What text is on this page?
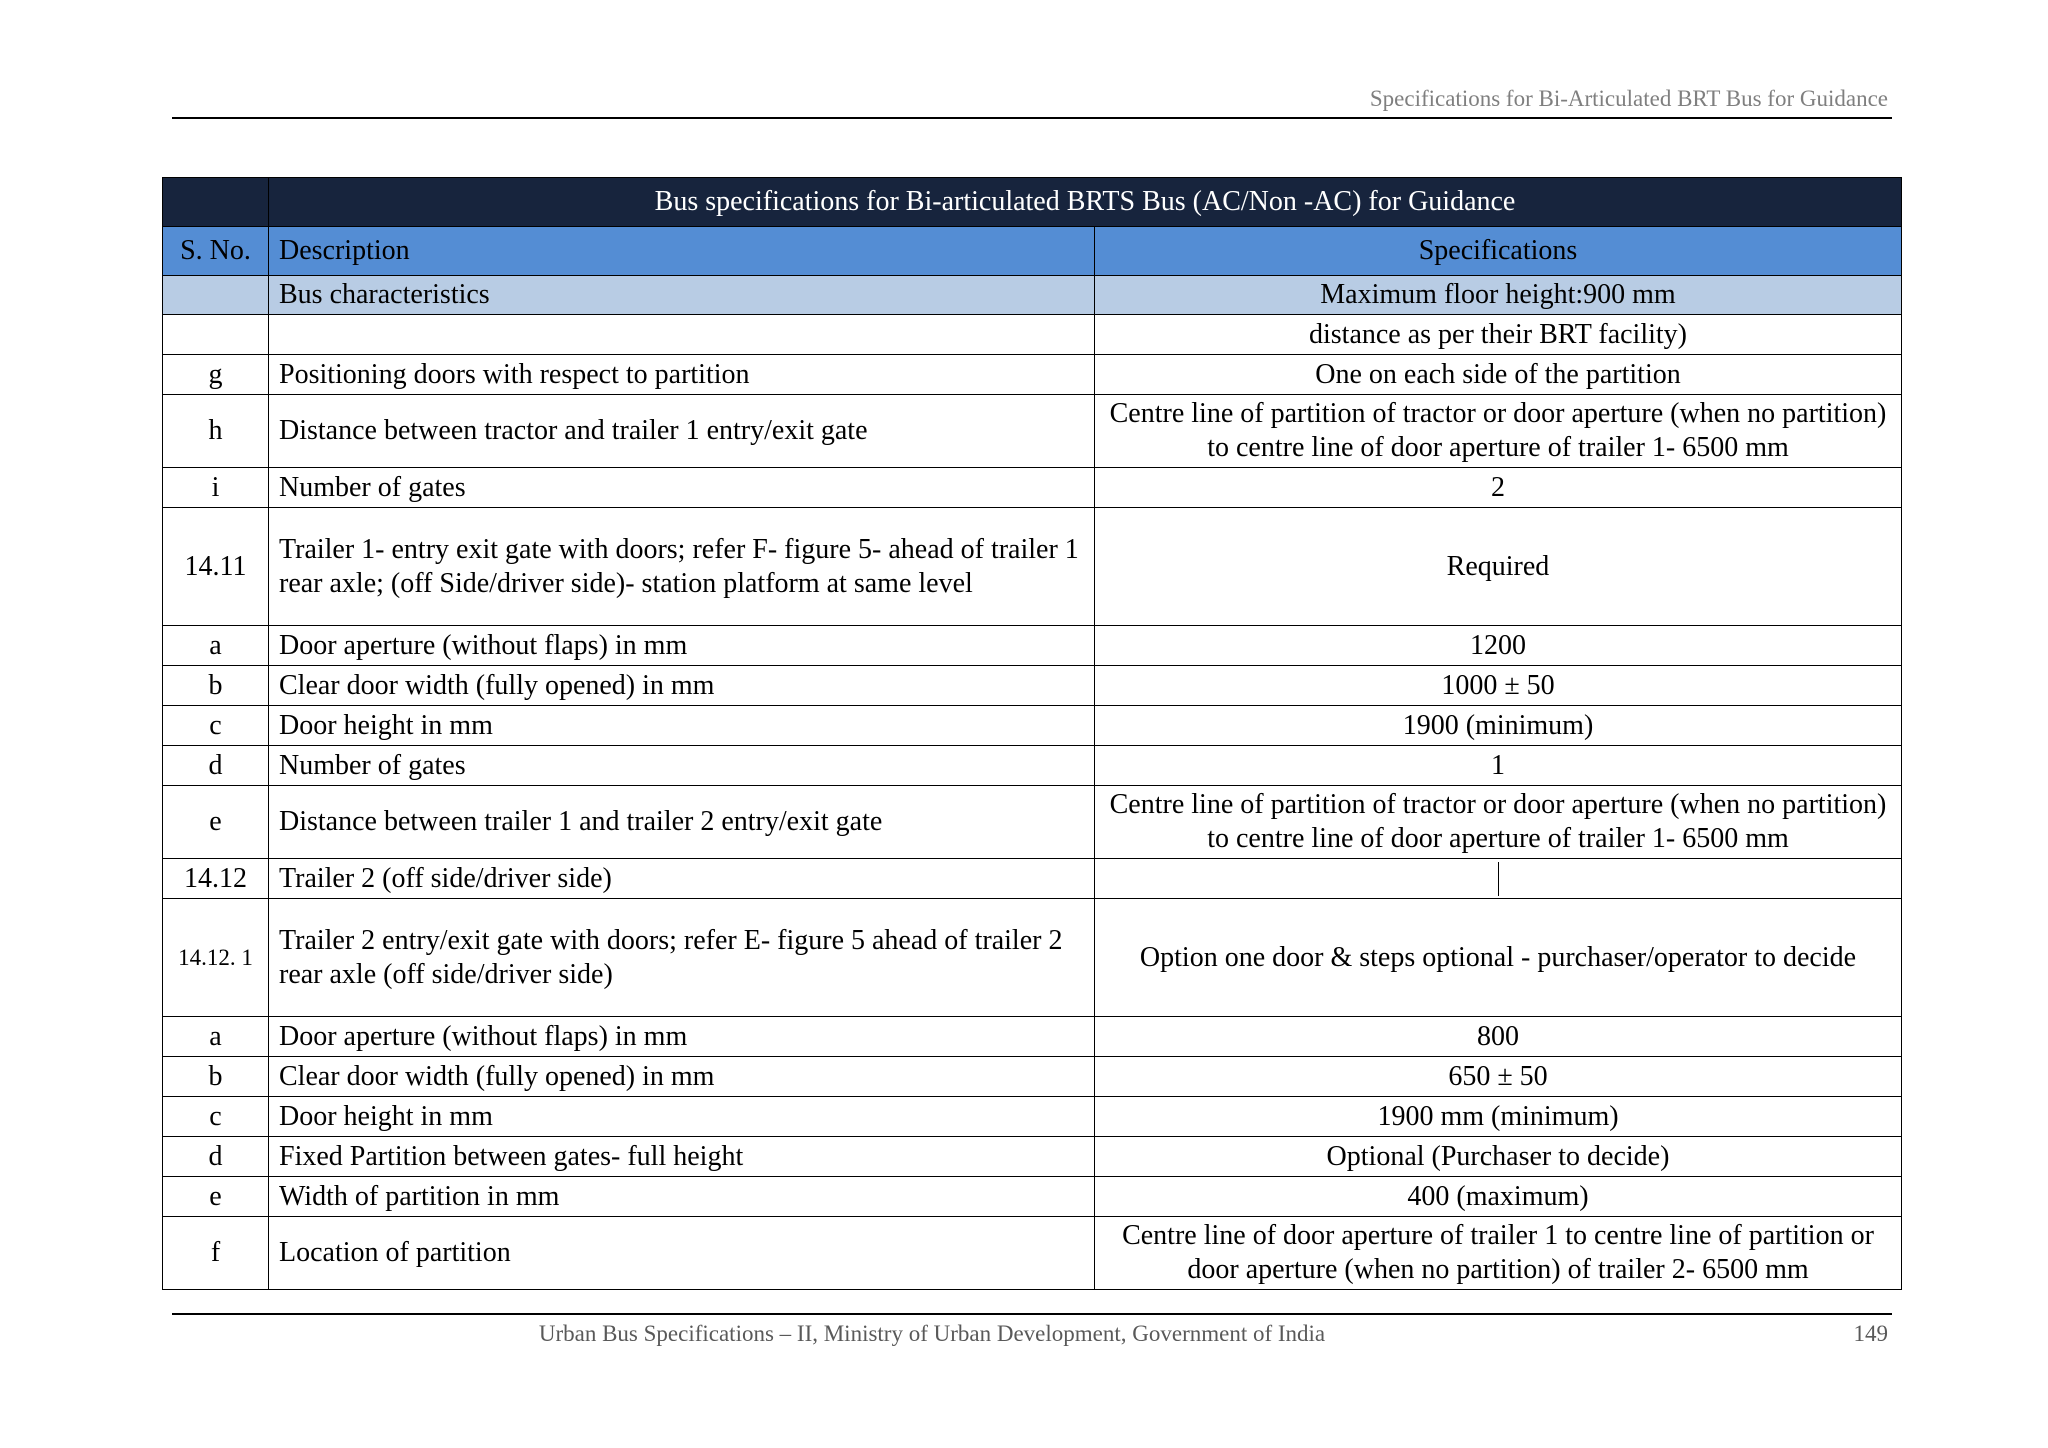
Specifications for Bi-Articulated BRT Bus for Guidance
	Bus specifications for Bi-articulated BRTS Bus (AC/Non -AC) for Guidance	
S. No.	Description	Specifications
	Bus characteristics	Maximum floor height:900 mm
		distance as per their BRT facility)
g	Positioning doors with respect to partition	One on each side of the partition
h	Distance between tractor and trailer 1 entry/exit gate	Centre line of partition of tractor or door aperture (when no partition) to centre line of door aperture of trailer 1- 6500 mm
i	Number of gates	2
14.11	Trailer 1- entry exit gate with doors; refer F- figure 5- ahead of trailer 1 rear axle; (off Side/driver side)- station platform at same level	Required
a	Door aperture (without flaps) in mm	1200
b	Clear door width (fully opened) in mm	1000 ± 50
c	Door height in mm	1900 (minimum)
d	Number of gates	1
e	Distance between trailer 1 and trailer 2 entry/exit gate	Centre line of partition of tractor or door aperture (when no partition) to centre line of door aperture of trailer 1- 6500 mm
14.12	Trailer 2 (off side/driver side)	

14.12. 1	Trailer 2 entry/exit gate with doors; refer E- figure 5 ahead of trailer 2 rear axle (off side/driver side)	Option one door & steps optional - purchaser/operator to decide
a	Door aperture (without flaps) in mm	800
b	Clear door width (fully opened) in mm	650 ± 50
c	Door height in mm	1900 mm (minimum)
d	Fixed Partition between gates- full height	Optional (Purchaser to decide)
e	Width of partition in mm	400 (maximum)
f	Location of partition	Centre line of door aperture of trailer 1 to centre line of partition or door aperture (when no partition) of trailer 2- 6500 mm
Urban Bus Specifications – II, Ministry of Urban Development, Government of India	149
